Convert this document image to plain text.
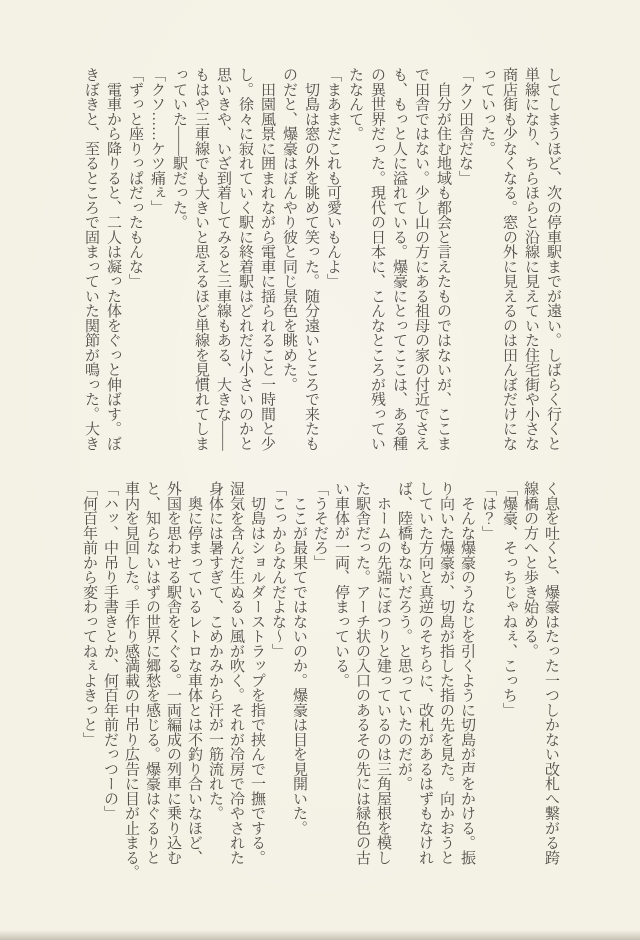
してしまうほど、次の停車駅までが遠い。しばらく行くと
単線になり、ちらほらと沿線に見えていた住宅街や小さな
商店街も少なくなる。窓の外に見えるのは田んぼだけにな
っていった。
「クソ田舎だな」
　自分が住む地域も都会と言えたものではないが、ここま
で田舎ではない。少し山の方にある祖母の家の付近でさえ
も、もっと人に溢れている。爆豪にとってここは、ある種
の異世界だった。現代の日本に、こんなところが残ってい
たなんて。
「まあまだこれも可愛いもんよ」
　切島は窓の外を眺めて笑った。随分遠いところで来たも
のだと、爆豪はぼんやり彼と同じ景色を眺めた。
　田園風景に囲まれながら電車に揺られること一時間と少
し。徐々に寂れていく駅に終着駅はどれだけ小さいのかと
思いきや、いざ到着してみると三車線もある、大きな――
もはや三車線でも大きいと思えるほど単線を見慣れてしま
っていた――駅だった。
「クソ……ケツ痛ぇ」
「ずっと座りっぱだったもんな」
　電車から降りると、二人は凝った体をぐっと伸ばす。ぼ
きぼきと、至るところで固まっていた関節が鳴った。大き
く息を吐くと、爆豪はたった一つしかない改札へ繋がる跨
線橋の方へと歩き始める。
「爆豪、そっちじゃねぇ、こっち」
「は？」
　そんな爆豪のうなじを引くように切島が声をかける。振
り向いた爆豪が、切島が指した指の先を見た。向かおうと
していた方向と真逆のそちらに、改札があるはずもなけれ
ば、陸橋もないだろう。と思っていたのだが。
　ホームの先端にぽつりと建っているのは三角屋根を模し
た駅舎だった。アーチ状の入口のあるその先には緑色の古
い車体が一両、停まっている。
「うそだろ」
　ここが最果てではないのか。爆豪は目を見開いた。
「こっからなんだよな〜」
　切島はショルダーストラップを指で挟んで一撫でする。
湿気を含んだ生ぬるい風が吹く。それが冷房で冷やされた
身体には暑すぎて、こめかみから汗が一筋流れた。
　奥に停まっているレトロな車体とは不釣り合いなほど、
外国を思わせる駅舎をくぐる。一両編成の列車に乗り込む
と、知らないはずの世界に郷愁を感じる。爆豪はぐるりと
車内を見回した。手作り感満載の中吊り広告に目が止まる。
「ハッ、中吊り手書きとか、何百年前だっつーの」
「何百年前から変わってねぇよきっと」
